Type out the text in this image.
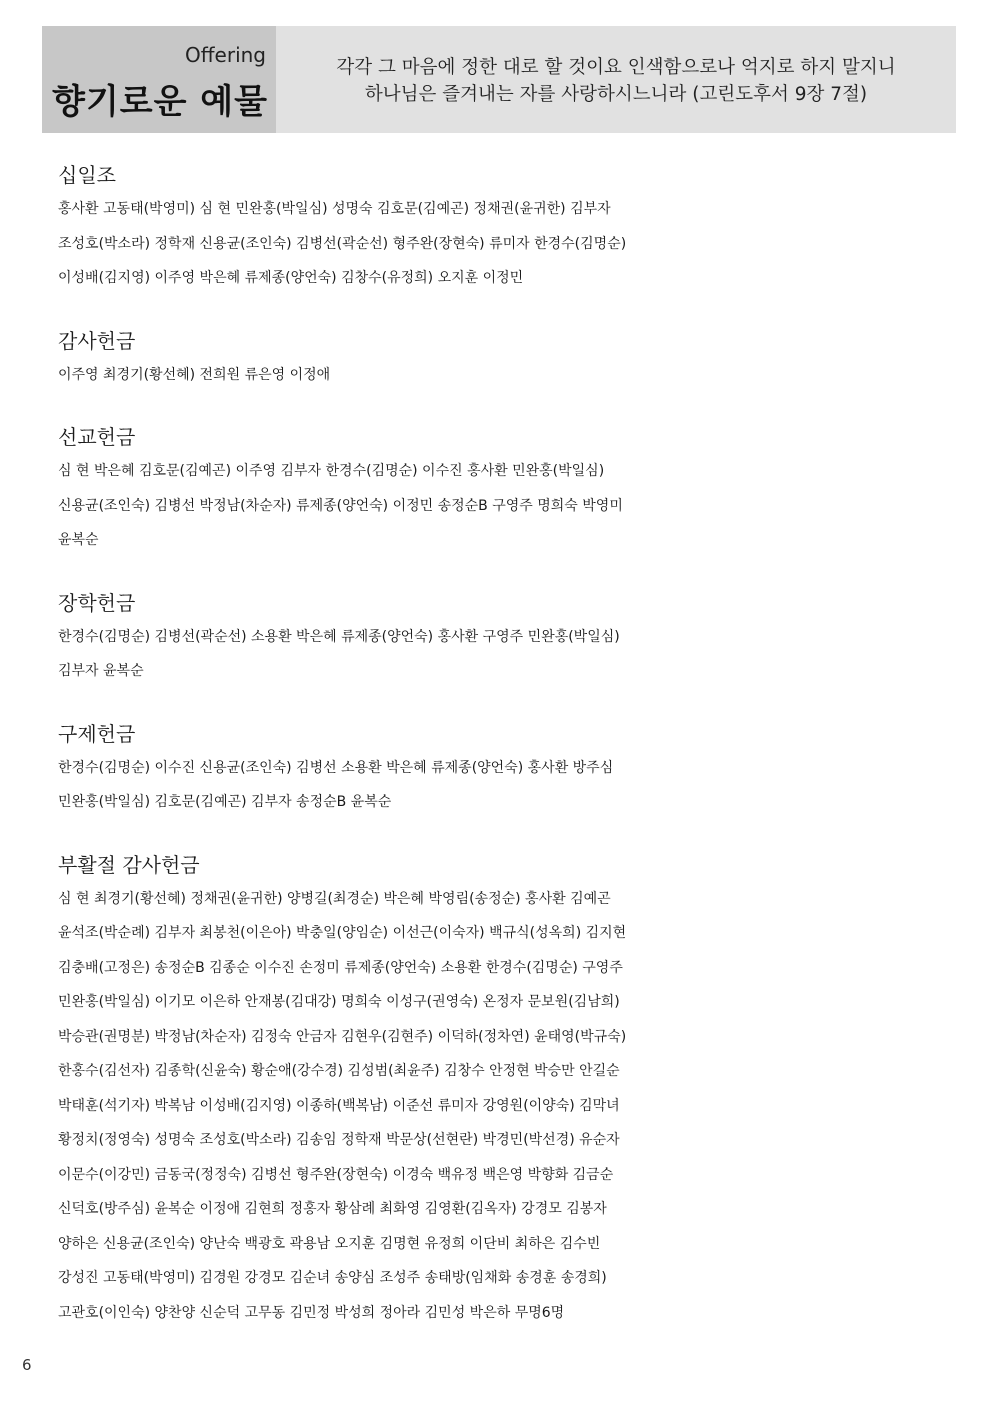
Offering
향기로운 예물
각각 그 마음에 정한 대로 할 것이요 인색함으로나 억지로 하지 말지니
하나님은 즐겨내는 자를 사랑하시느니라 (고린도후서 9장 7절)
십일조
홍사환 고동태(박영미) 심 현 민완홍(박일심) 성명숙 김호문(김예곤) 정채권(윤귀한) 김부자
조성호(박소라) 정학재 신용균(조인숙) 김병선(곽순선) 형주완(장현숙) 류미자 한경수(김명순)
이성배(김지영) 이주영 박은혜 류제종(양언숙) 김창수(유정희) 오지훈 이정민
감사헌금
이주영 최경기(황선혜) 전희원 류은영 이정애
선교헌금
심 현 박은혜 김호문(김예곤) 이주영 김부자 한경수(김명순) 이수진 홍사환 민완홍(박일심)
신용균(조인숙) 김병선 박정남(차순자) 류제종(양언숙) 이정민 송정순B 구영주 명희숙 박영미
윤복순
장학헌금
한경수(김명순) 김병선(곽순선) 소용환 박은혜 류제종(양언숙) 홍사환 구영주 민완홍(박일심)
김부자 윤복순
구제헌금
한경수(김명순) 이수진 신용균(조인숙) 김병선 소용환 박은혜 류제종(양언숙) 홍사환 방주심
민완홍(박일심) 김호문(김예곤) 김부자 송정순B 윤복순
부활절 감사헌금
심 현 최경기(황선혜) 정채권(윤귀한) 양병길(최경순) 박은혜 박영림(송정순) 홍사환 김예곤
윤석조(박순례) 김부자 최봉천(이은아) 박충일(양임순) 이선근(이숙자) 백규식(성옥희) 김지현
김충배(고정은) 송정순B 김종순 이수진 손정미 류제종(양언숙) 소용환 한경수(김명순) 구영주
민완홍(박일심) 이기모 이은하 안재봉(김대강) 명희숙 이성구(권영숙) 온정자 문보원(김남희)
박승관(권명분) 박정남(차순자) 김정숙 안금자 김현우(김현주) 이덕하(정차연) 윤태영(박규숙)
한홍수(김선자) 김종학(신윤숙) 황순애(강수경) 김성범(최윤주) 김창수 안정현 박승만 안길순
박태훈(석기자) 박복남 이성배(김지영) 이종하(백복남) 이준선 류미자 강영원(이양숙) 김막녀
황정치(정영숙) 성명숙 조성호(박소라) 김송임 정학재 박문상(선현란) 박경민(박선경) 유순자
이문수(이강민) 금동국(정정숙) 김병선 형주완(장현숙) 이경숙 백유정 백은영 박향화 김금순
신덕호(방주심) 윤복순 이정애 김현희 정홍자 황삼례 최화영 김영환(김옥자) 강경모 김봉자
양하은 신용균(조인숙) 양난숙 백광호 곽용남 오지훈 김명현 유정희 이단비 최하은 김수빈
강성진 고동태(박영미) 김경원 강경모 김순녀 송양심 조성주 송태방(임채화 송경훈 송경희)
고관호(이인숙) 양찬양 신순덕 고무동 김민정 박성희 정아라 김민성 박은하 무명6명
6
